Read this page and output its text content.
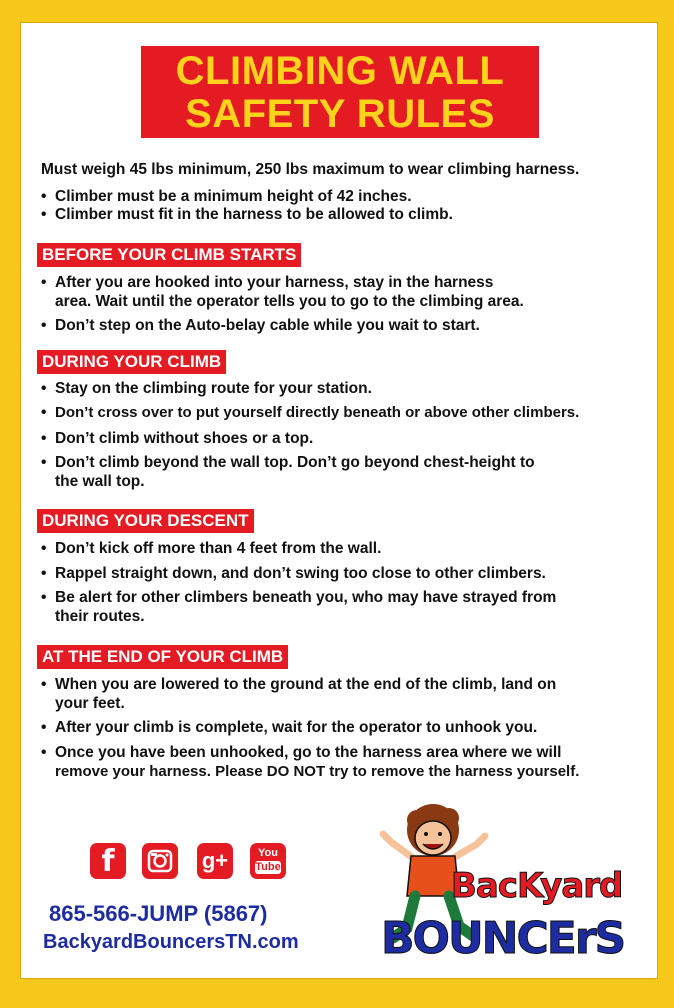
CLIMBING WALL
SAFETY RULES
Must weigh 45 lbs minimum, 250 lbs maximum to wear climbing harness.
• Climber must be a minimum height of 42 inches.
• Climber must fit in the harness to be allowed to climb.
BEFORE YOUR CLIMB STARTS
• After you are hooked into your harness, stay in the harness
area. Wait until the operator tells you to go to the climbing area.
• Don’t step on the Auto-belay cable while you wait to start.
DURING YOUR CLIMB
• Stay on the climbing route for your station.
• Don’t cross over to put yourself directly beneath or above other climbers.
• Don’t climb without shoes or a top.
• Don’t climb beyond the wall top. Don’t go beyond chest-height to
the wall top.
DURING YOUR DESCENT
• Don’t kick off more than 4 feet from the wall.
• Rappel straight down, and don’t swing too close to other climbers.
• Be alert for other climbers beneath you, who may have strayed from
their routes.
AT THE END OF YOUR CLIMB
• When you are lowered to the ground at the end of the climb, land on
your feet.
• After your climb is complete, wait for the operator to unhook you.
• Once you have been unhooked, go to the harness area where we will
remove your harness. Please DO NOT try to remove the harness yourself.
f	g+	You
Tube
865-566-JUMP (5867)
BackyardBouncersTN.com
BacKyard
BOUNCErS
